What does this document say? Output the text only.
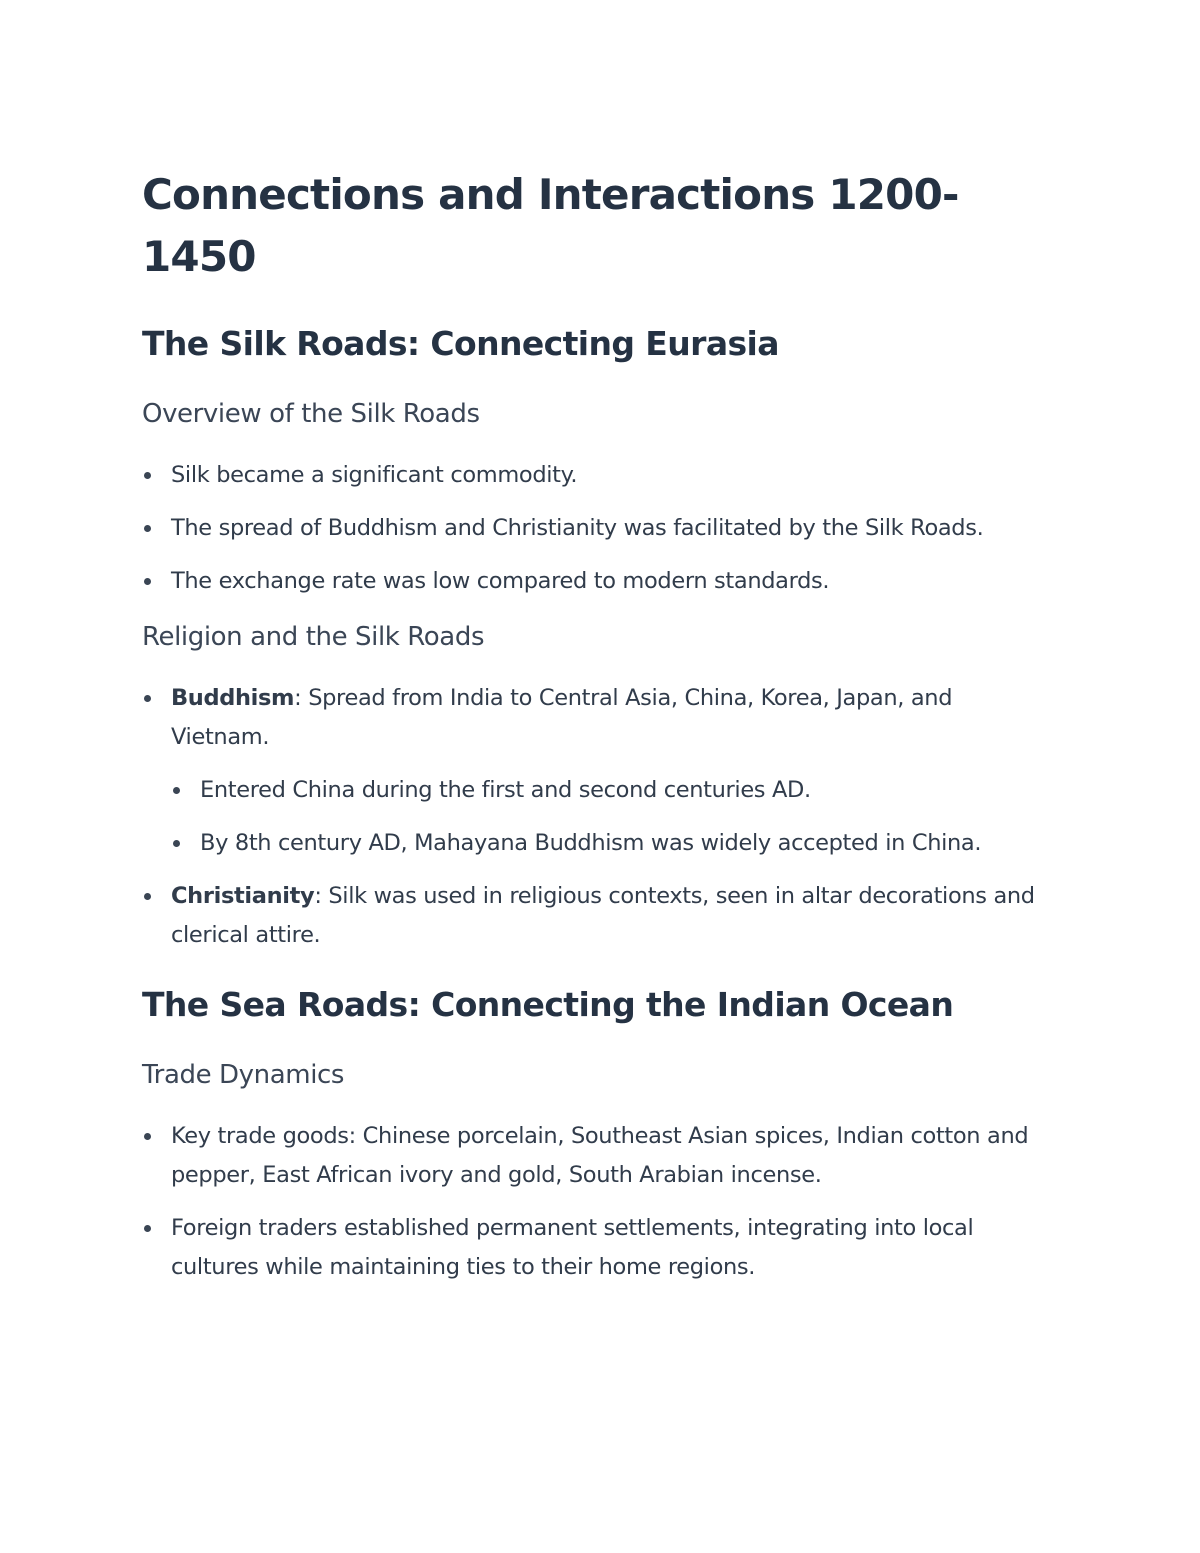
Connections and Interactions 1200-1450
The Silk Roads: Connecting Eurasia
Overview of the Silk Roads
Silk became a significant commodity.
The spread of Buddhism and Christianity was facilitated by the Silk Roads.
The exchange rate was low compared to modern standards.
Religion and the Silk Roads
Buddhism: Spread from India to Central Asia, China, Korea, Japan, and Vietnam.
Entered China during the first and second centuries AD.
By 8th century AD, Mahayana Buddhism was widely accepted in China.
Christianity: Silk was used in religious contexts, seen in altar decorations and clerical attire.
The Sea Roads: Connecting the Indian Ocean
Trade Dynamics
Key trade goods: Chinese porcelain, Southeast Asian spices, Indian cotton and pepper, East African ivory and gold, South Arabian incense.
Foreign traders established permanent settlements, integrating into local cultures while maintaining ties to their home regions.
